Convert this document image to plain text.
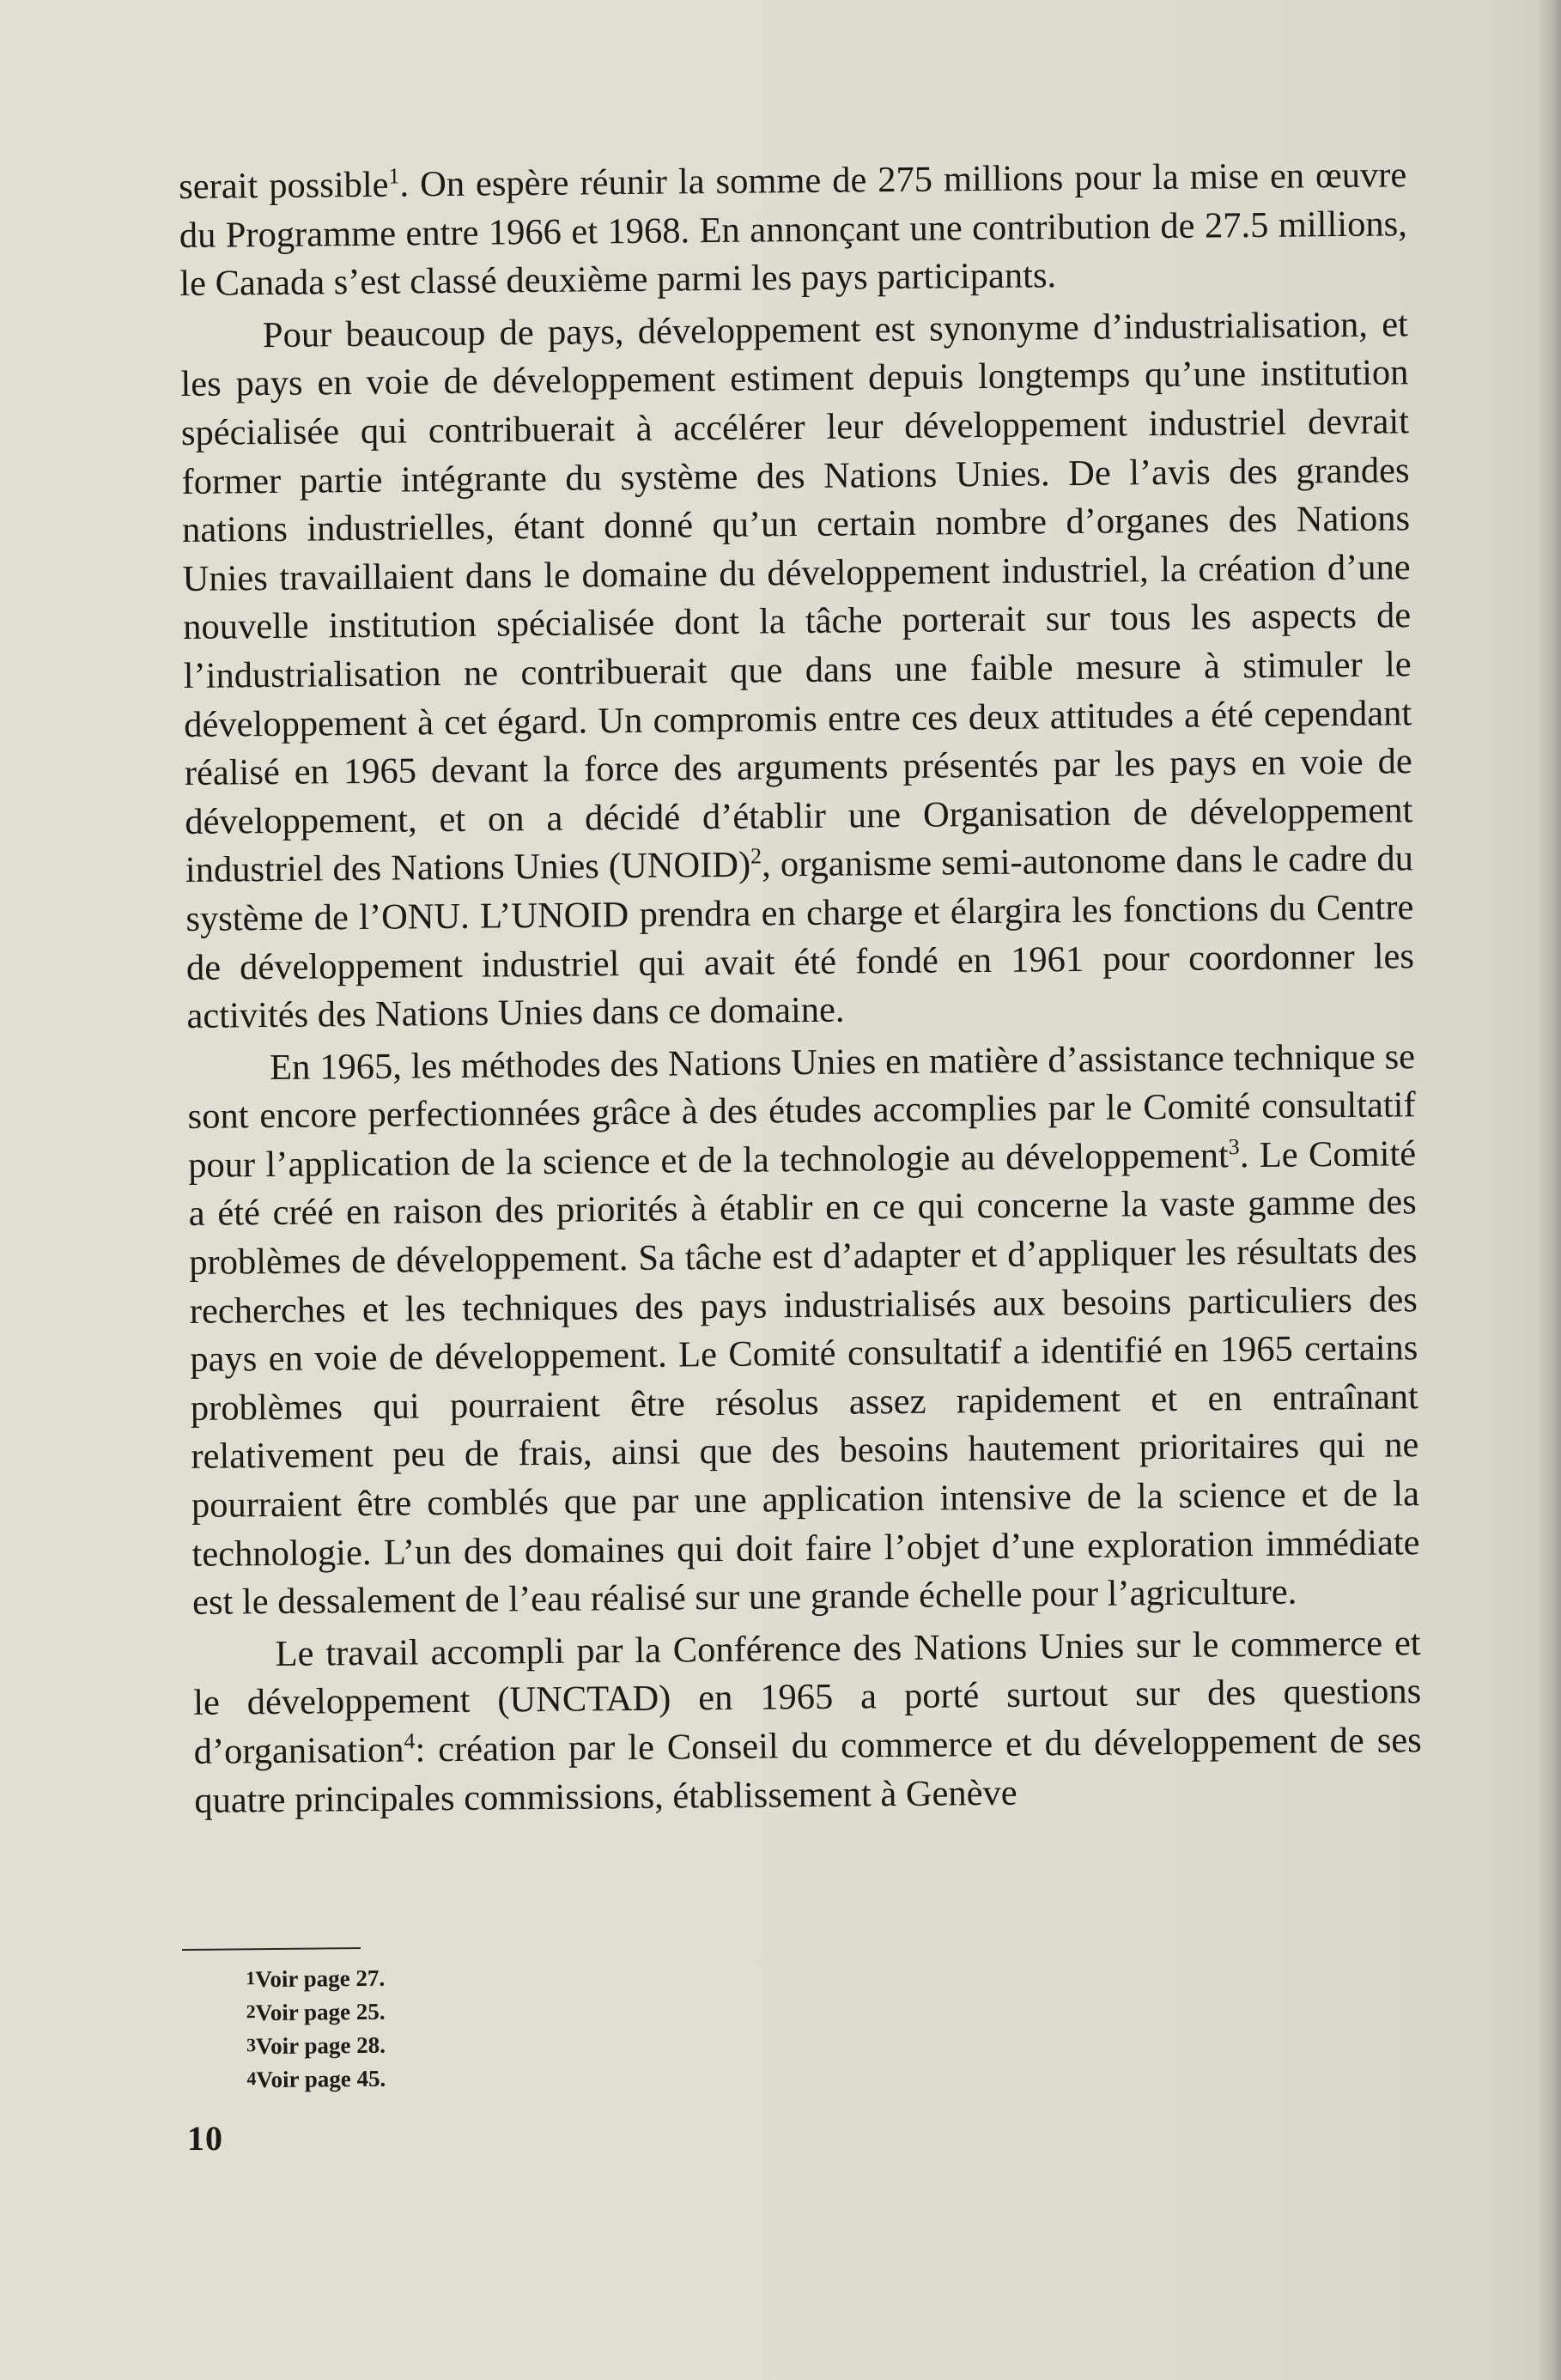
serait possible$^1$. On espère réunir la somme de 275 millions pour la mise en œuvre du Programme entre 1966 et 1968. En annonçant une contribution de 27.5 millions, le Canada s’est classé deuxième parmi les pays participants.

Pour beaucoup de pays, développement est synonyme d’industrialisation, et les pays en voie de développement estiment depuis longtemps qu’une institution spécialisée qui contribuerait à accélérer leur développement industriel devrait former partie intégrante du système des Nations Unies. De l’avis des grandes nations industrielles, étant donné qu’un certain nombre d’organes des Nations Unies travaillaient dans le domaine du développement industriel, la création d’une nouvelle institution spécialisée dont la tâche porterait sur tous les aspects de l’industrialisation ne contribuerait que dans une faible mesure à stimuler le développement à cet égard. Un compromis entre ces deux attitudes a été cependant réalisé en 1965 devant la force des arguments présentés par les pays en voie de développement, et on a décidé d’établir une Organisation de développement industriel des Nations Unies (UNOID)$^2$, organisme semi-autonome dans le cadre du système de l’ONU. L’UNOID prendra en charge et élargira les fonctions du Centre de développement industriel qui avait été fondé en 1961 pour coordonner les activités des Nations Unies dans ce domaine.

En 1965, les méthodes des Nations Unies en matière d’assistance technique se sont encore perfectionnées grâce à des études accomplies par le Comité consultatif pour l’application de la science et de la technologie au développement$^3$. Le Comité a été créé en raison des priorités à établir en ce qui concerne la vaste gamme des problèmes de développement. Sa tâche est d’adapter et d’appliquer les résultats des recherches et les techniques des pays industrialisés aux besoins particuliers des pays en voie de développement. Le Comité consultatif a identifié en 1965 certains problèmes qui pourraient être résolus assez rapidement et en entraînant relativement peu de frais, ainsi que des besoins hautement prioritaires qui ne pourraient être comblés que par une application intensive de la science et de la technologie. L’un des domaines qui doit faire l’objet d’une exploration immédiate est le dessalement de l’eau réalisé sur une grande échelle pour l’agriculture.

Le travail accompli par la Conférence des Nations Unies sur le commerce et le développement (UNCTAD) en 1965 a porté surtout sur des questions d’organisation$^4$: création par le Conseil du commerce et du développement de ses quatre principales commissions, établissement à Genève

1Voir page 27.
2Voir page 25.
3Voir page 28.
4Voir page 45.
10
